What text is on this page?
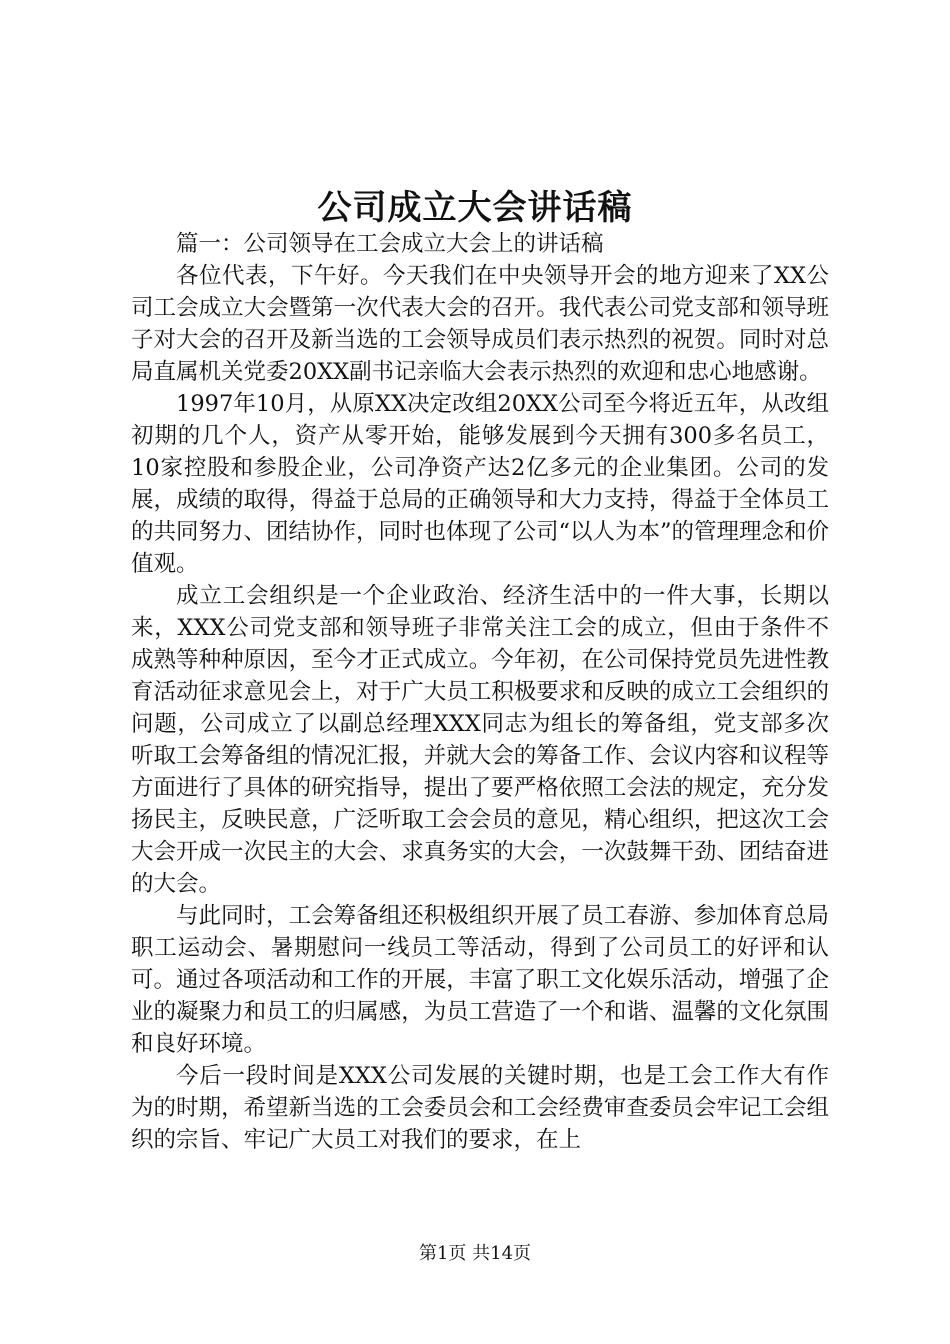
公司成立大会讲话稿

篇一：公司领导在工会成立大会上的讲话稿

各位代表，下午好。今天我们在中央领导开会的地方迎来了XX公司工会成立大会暨第一次代表大会的召开。我代表公司党支部和领导班子对大会的召开及新当选的工会领导成员们表示热烈的祝贺。同时对总局直属机关党委20XX副书记亲临大会表示热烈的欢迎和忠心地感谢。

1997年10月，从原XX决定改组20XX公司至今将近五年，从改组初期的几个人，资产从零开始，能够发展到今天拥有300多名员工，10家控股和参股企业，公司净资产达2亿多元的企业集团。公司的发展，成绩的取得，得益于总局的正确领导和大力支持，得益于全体员工的共同努力、团结协作，同时也体现了公司“以人为本”的管理理念和价值观。

成立工会组织是一个企业政治、经济生活中的一件大事，长期以来，XXX公司党支部和领导班子非常关注工会的成立，但由于条件不成熟等种种原因，至今才正式成立。今年初，在公司保持党员先进性教育活动征求意见会上，对于广大员工积极要求和反映的成立工会组织的问题，公司成立了以副总经理XXX同志为组长的筹备组，党支部多次听取工会筹备组的情况汇报，并就大会的筹备工作、会议内容和议程等方面进行了具体的研究指导，提出了要严格依照工会法的规定，充分发扬民主，反映民意，广泛听取工会会员的意见，精心组织，把这次工会大会开成一次民主的大会、求真务实的大会，一次鼓舞干劲、团结奋进的大会。

与此同时，工会筹备组还积极组织开展了员工春游、参加体育总局职工运动会、暑期慰问一线员工等活动，得到了公司员工的好评和认可。通过各项活动和工作的开展，丰富了职工文化娱乐活动，增强了企业的凝聚力和员工的归属感，为员工营造了一个和谐、温馨的文化氛围和良好环境。

今后一段时间是XXX公司发展的关键时期，也是工会工作大有作为的时期，希望新当选的工会委员会和工会经费审查委员会牢记工会组织的宗旨、牢记广大员工对我们的要求，在上

第1页 共14页
